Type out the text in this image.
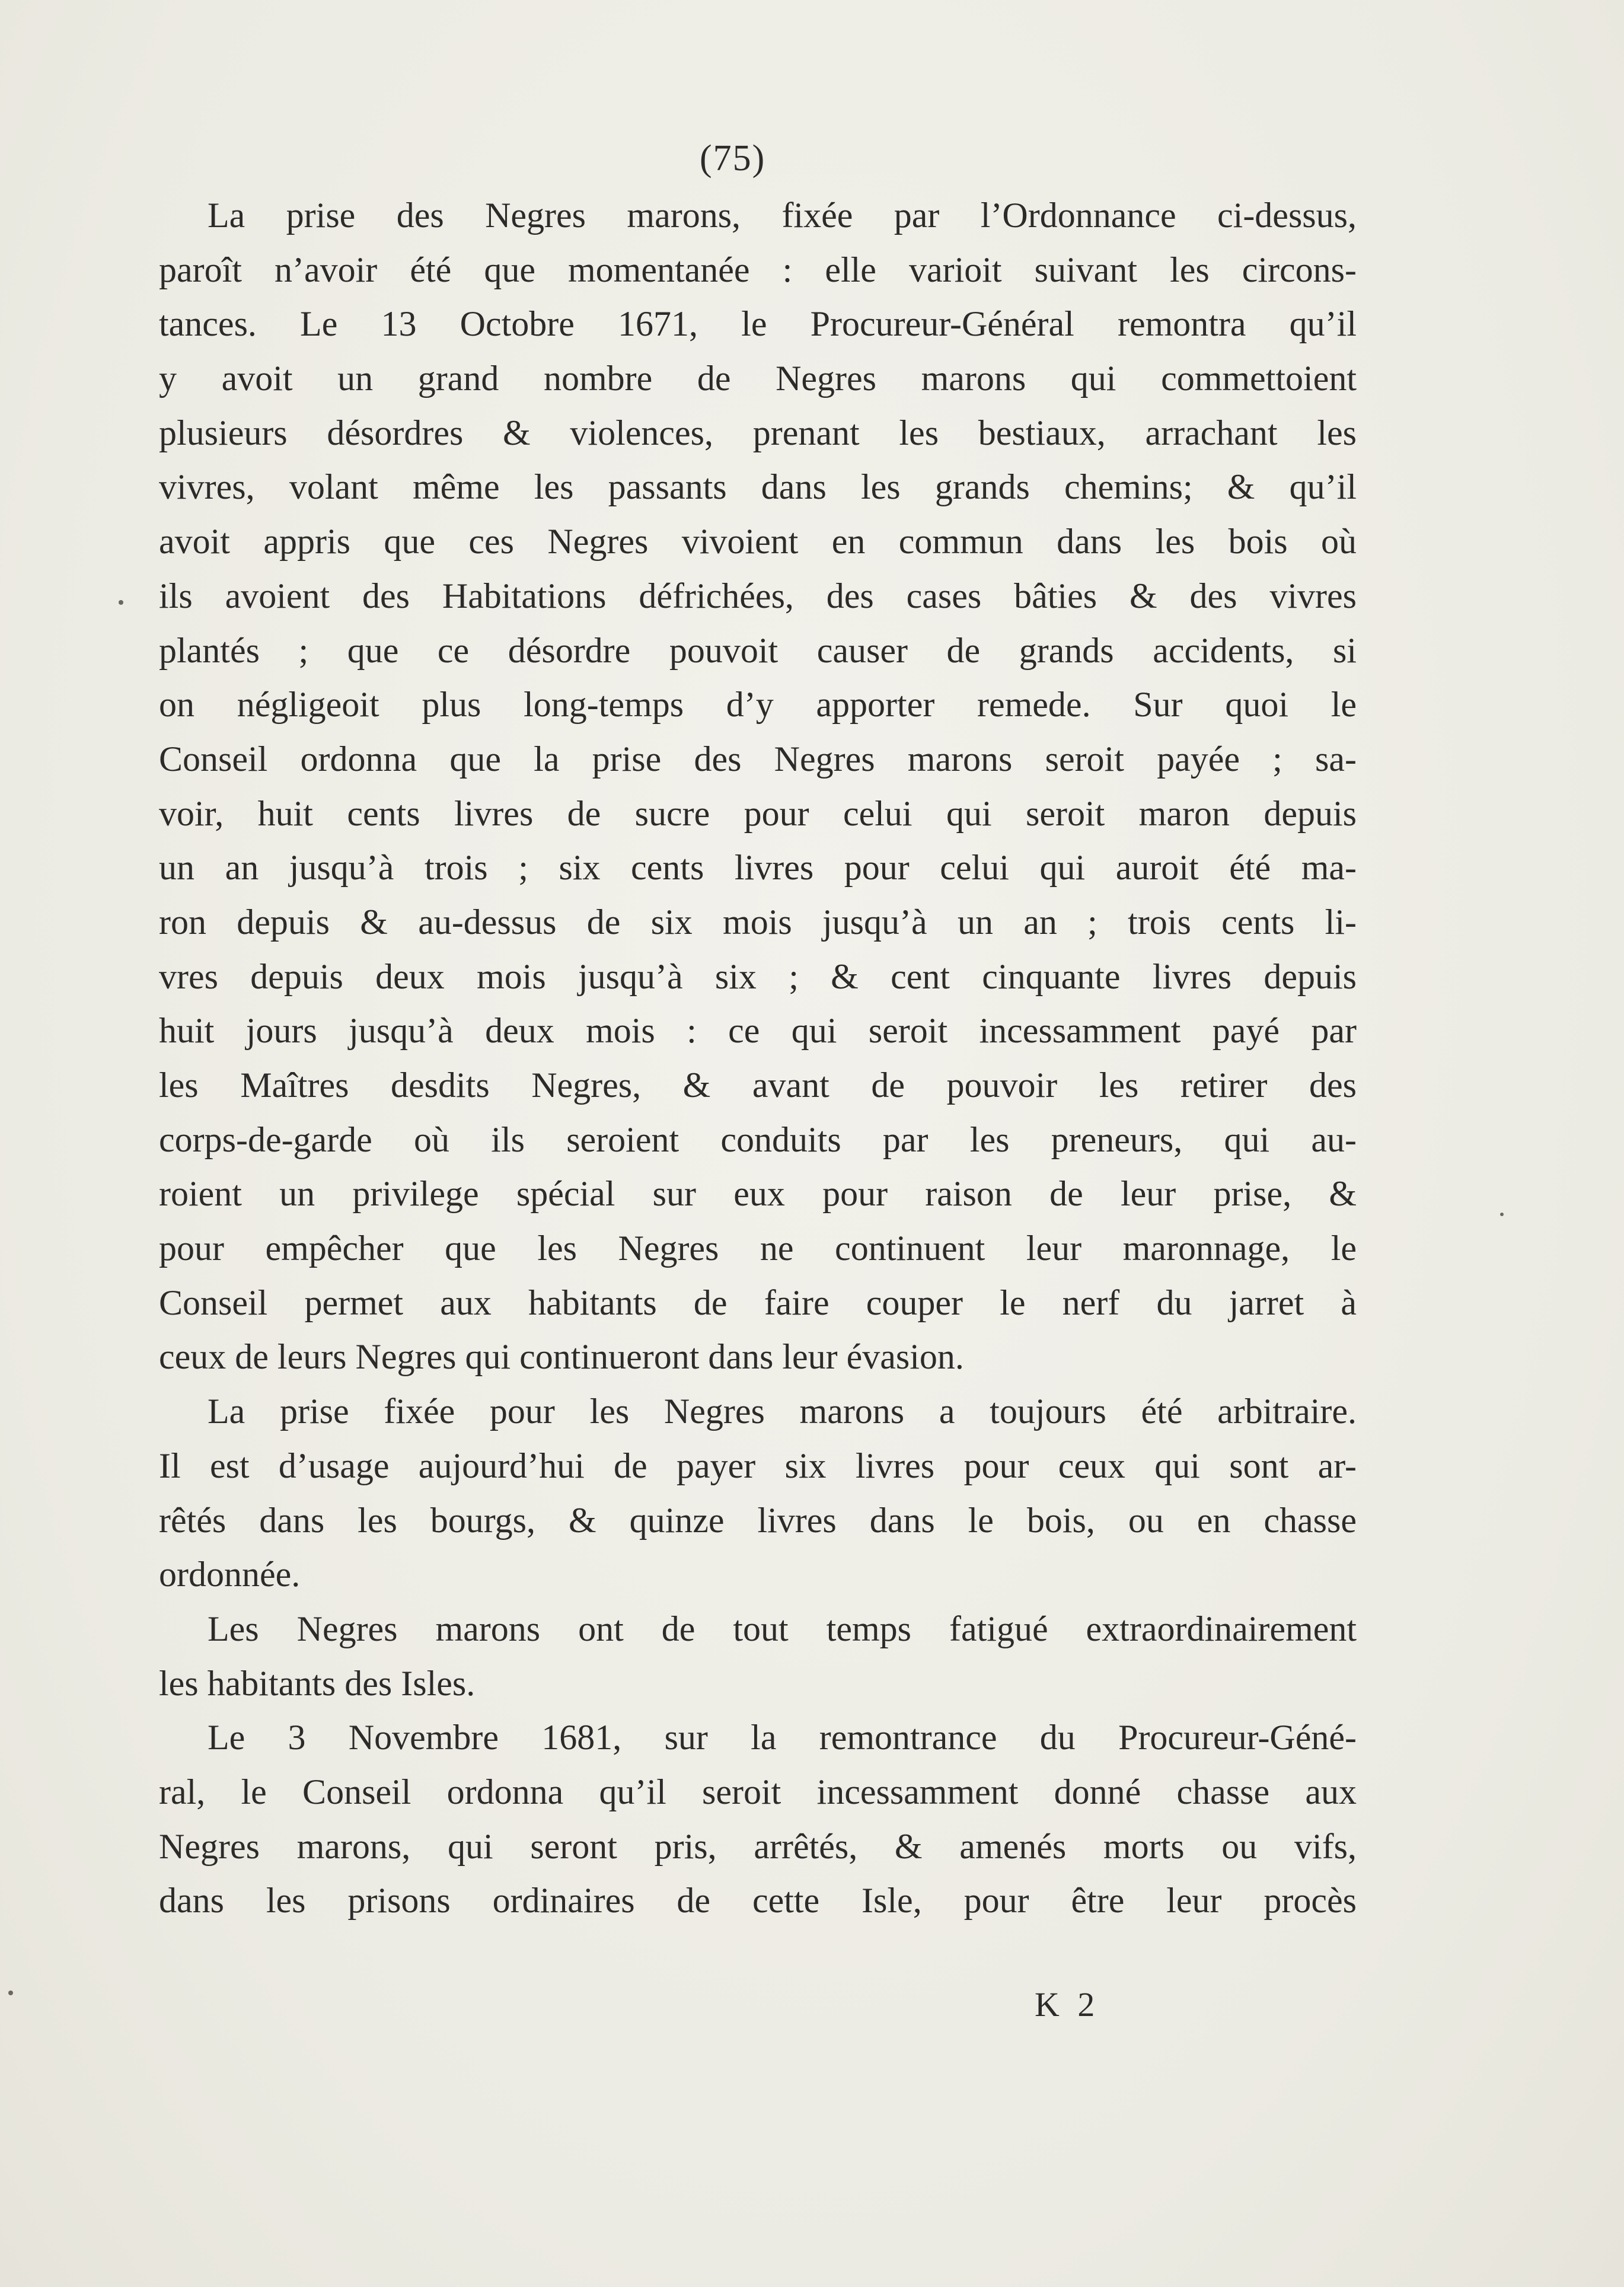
(75)
La prise des Negres marons, fixée par l’Ordonnance ci-dessus,
paroît n’avoir été que momentanée : elle varioit suivant les circons-
tances. Le 13 Octobre 1671, le Procureur-Général remontra qu’il
y avoit un grand nombre de Negres marons qui commettoient
plusieurs désordres & violences, prenant les bestiaux, arrachant les
vivres, volant même les passants dans les grands chemins; & qu’il
avoit appris que ces Negres vivoient en commun dans les bois où
ils avoient des Habitations défrichées, des cases bâties & des vivres
plantés ; que ce désordre pouvoit causer de grands accidents, si
on négligeoit plus long-temps d’y apporter remede. Sur quoi le
Conseil ordonna que la prise des Negres marons seroit payée ; sa-
voir, huit cents livres de sucre pour celui qui seroit maron depuis
un an jusqu’à trois ; six cents livres pour celui qui auroit été ma-
ron depuis & au-dessus de six mois jusqu’à un an ; trois cents li-
vres depuis deux mois jusqu’à six ; & cent cinquante livres depuis
huit jours jusqu’à deux mois : ce qui seroit incessamment payé par
les Maîtres desdits Negres, & avant de pouvoir les retirer des
corps-de-garde où ils seroient conduits par les preneurs, qui au-
roient un privilege spécial sur eux pour raison de leur prise, &
pour empêcher que les Negres ne continuent leur maronnage, le
Conseil permet aux habitants de faire couper le nerf du jarret à
ceux de leurs Negres qui continueront dans leur évasion.
La prise fixée pour les Negres marons a toujours été arbitraire.
Il est d’usage aujourd’hui de payer six livres pour ceux qui sont ar-
rêtés dans les bourgs, & quinze livres dans le bois, ou en chasse
ordonnée.
Les Negres marons ont de tout temps fatigué extraordinairement
les habitants des Isles.
Le 3 Novembre 1681, sur la remontrance du Procureur-Géné-
ral, le Conseil ordonna qu’il seroit incessamment donné chasse aux
Negres marons, qui seront pris, arrêtés, & amenés morts ou vifs,
dans les prisons ordinaires de cette Isle, pour être leur procès
K 2
